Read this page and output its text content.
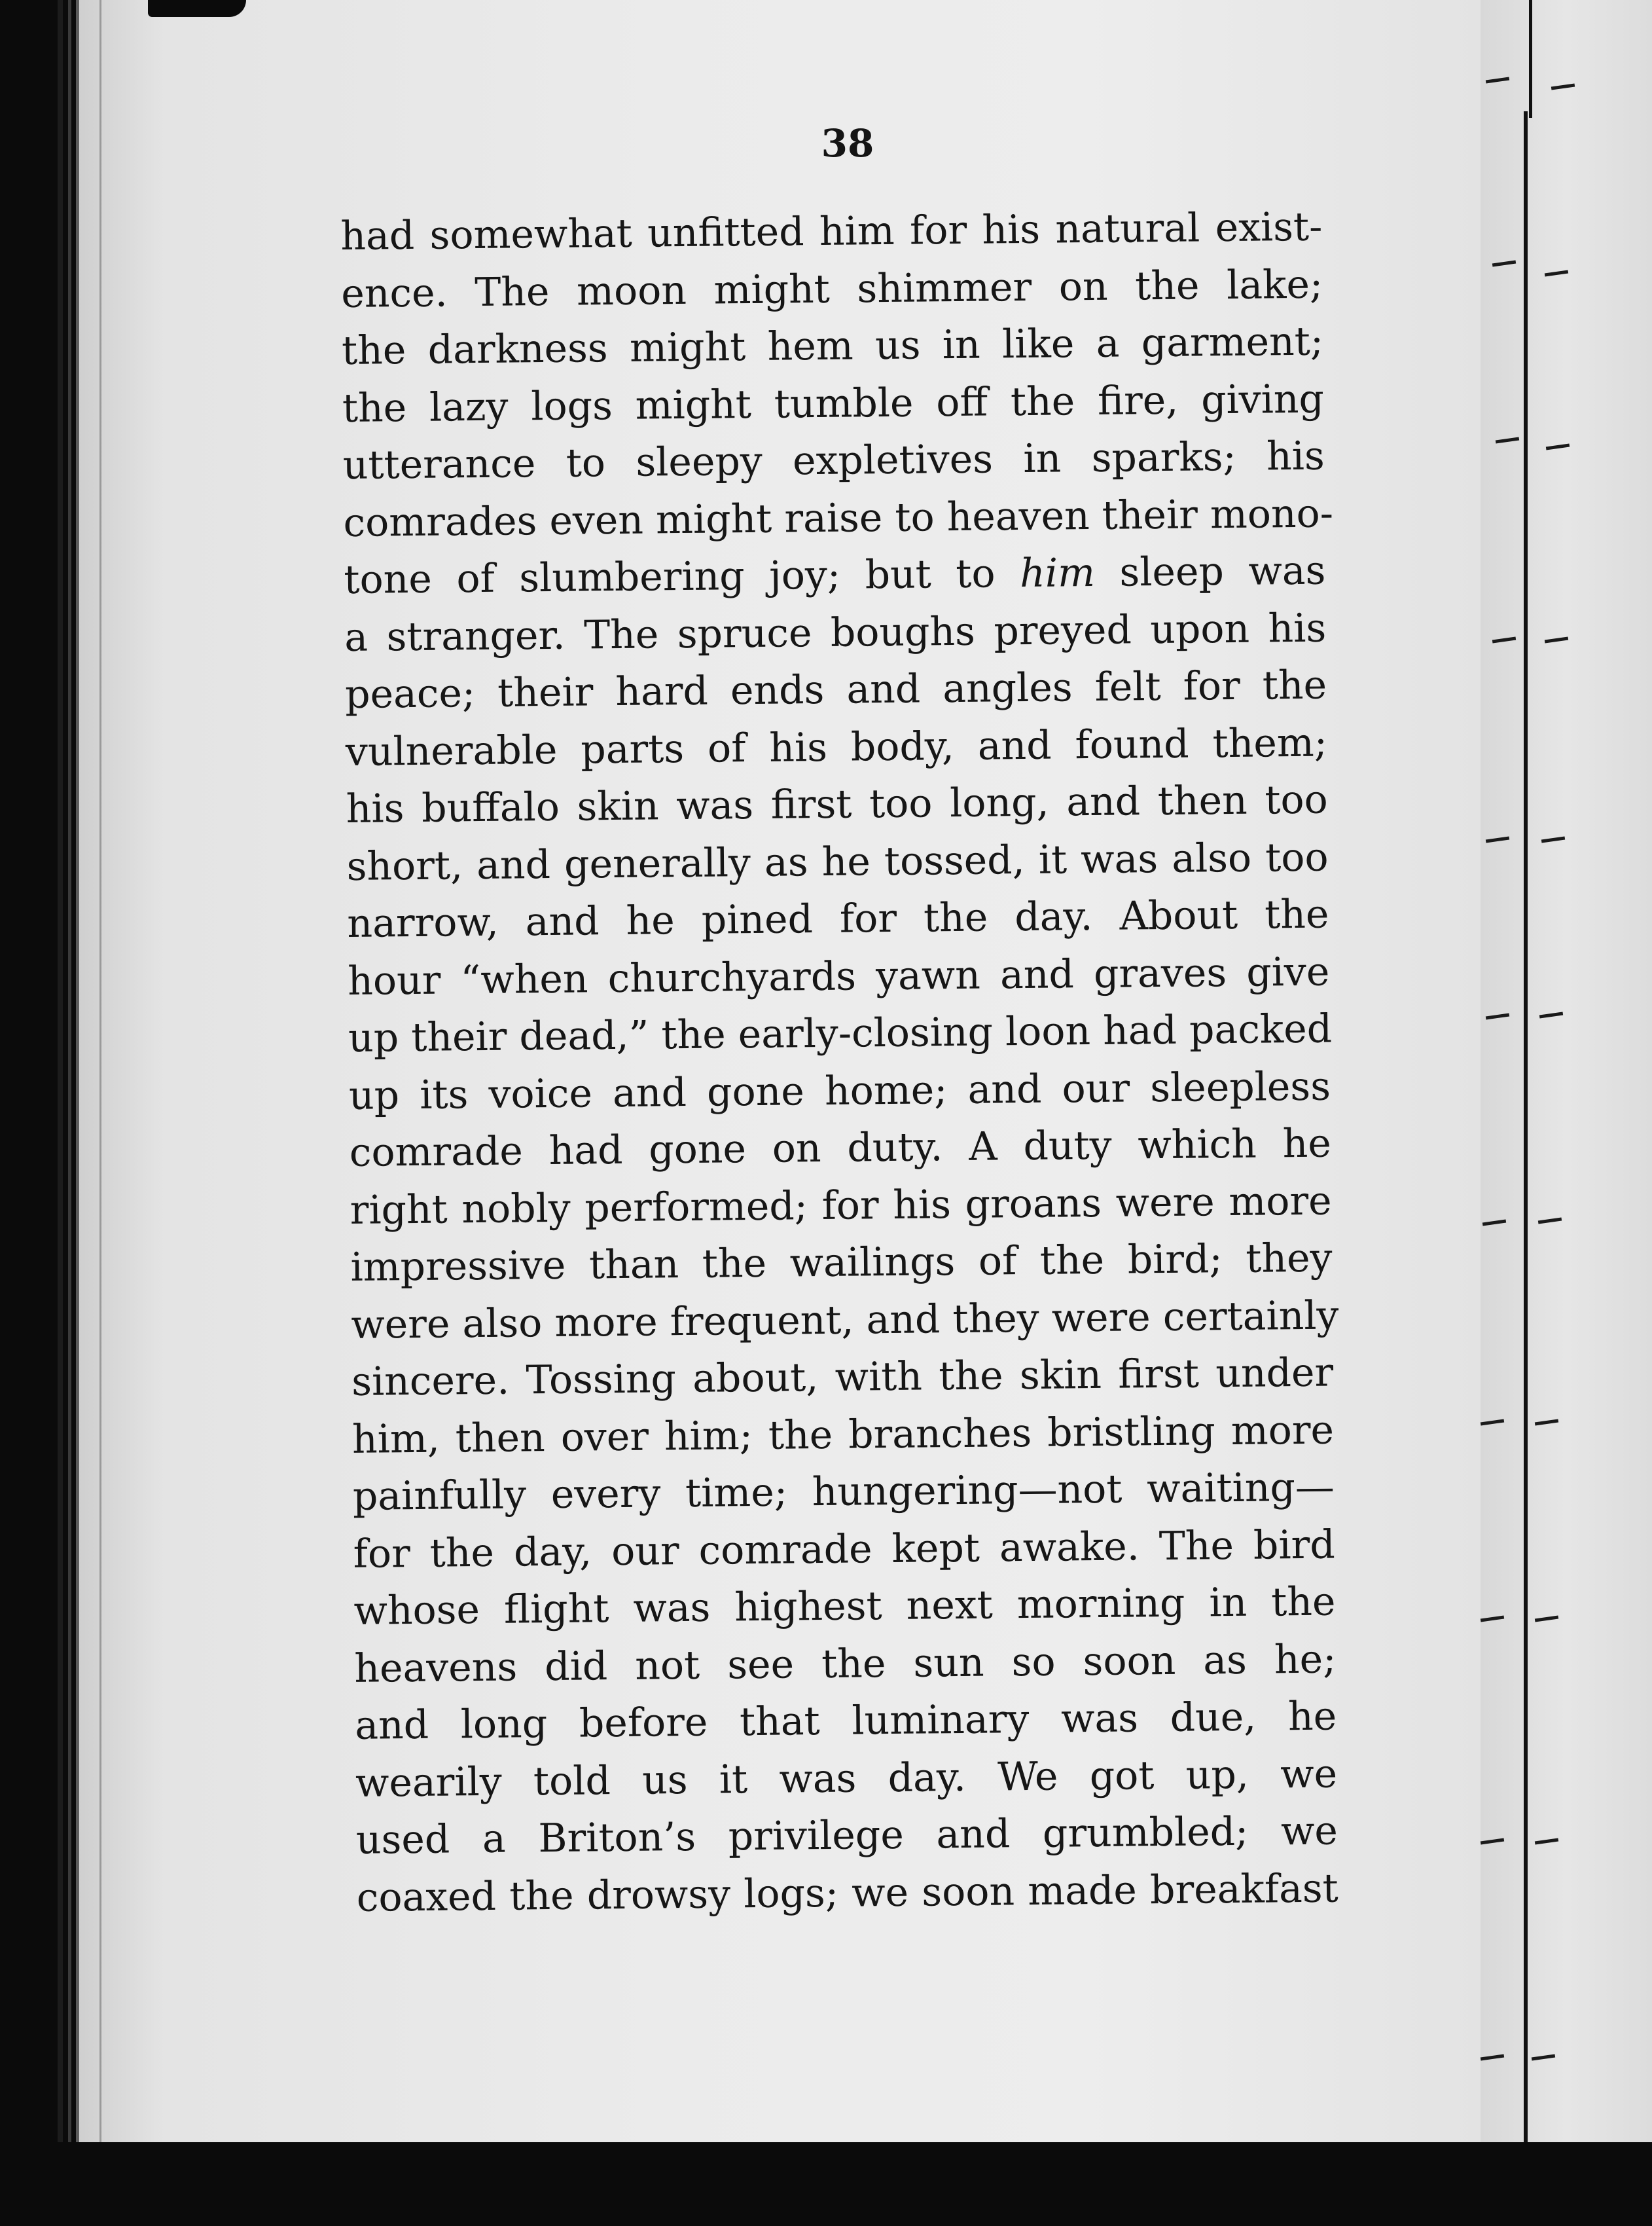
38
had somewhat unfitted him for his natural exist-
ence. The moon might shimmer on the lake;
the darkness might hem us in like a garment;
the lazy logs might tumble off the fire, giving
utterance to sleepy expletives in sparks; his
comrades even might raise to heaven their mono-
tone of slumbering joy; but to him sleep was
a stranger. The spruce boughs preyed upon his
peace; their hard ends and angles felt for the
vulnerable parts of his body, and found them;
his buffalo skin was first too long, and then too
short, and generally as he tossed, it was also too
narrow, and he pined for the day. About the
hour “when churchyards yawn and graves give
up their dead,” the early-closing loon had packed
up its voice and gone home; and our sleepless
comrade had gone on duty. A duty which he
right nobly performed; for his groans were more
impressive than the wailings of the bird; they
were also more frequent, and they were certainly
sincere. Tossing about, with the skin first under
him, then over him; the branches bristling more
painfully every time; hungering—not waiting—
for the day, our comrade kept awake. The bird
whose flight was highest next morning in the
heavens did not see the sun so soon as he;
and long before that luminary was due, he
wearily told us it was day. We got up, we
used a Briton’s privilege and grumbled; we
coaxed the drowsy logs; we soon made breakfast
